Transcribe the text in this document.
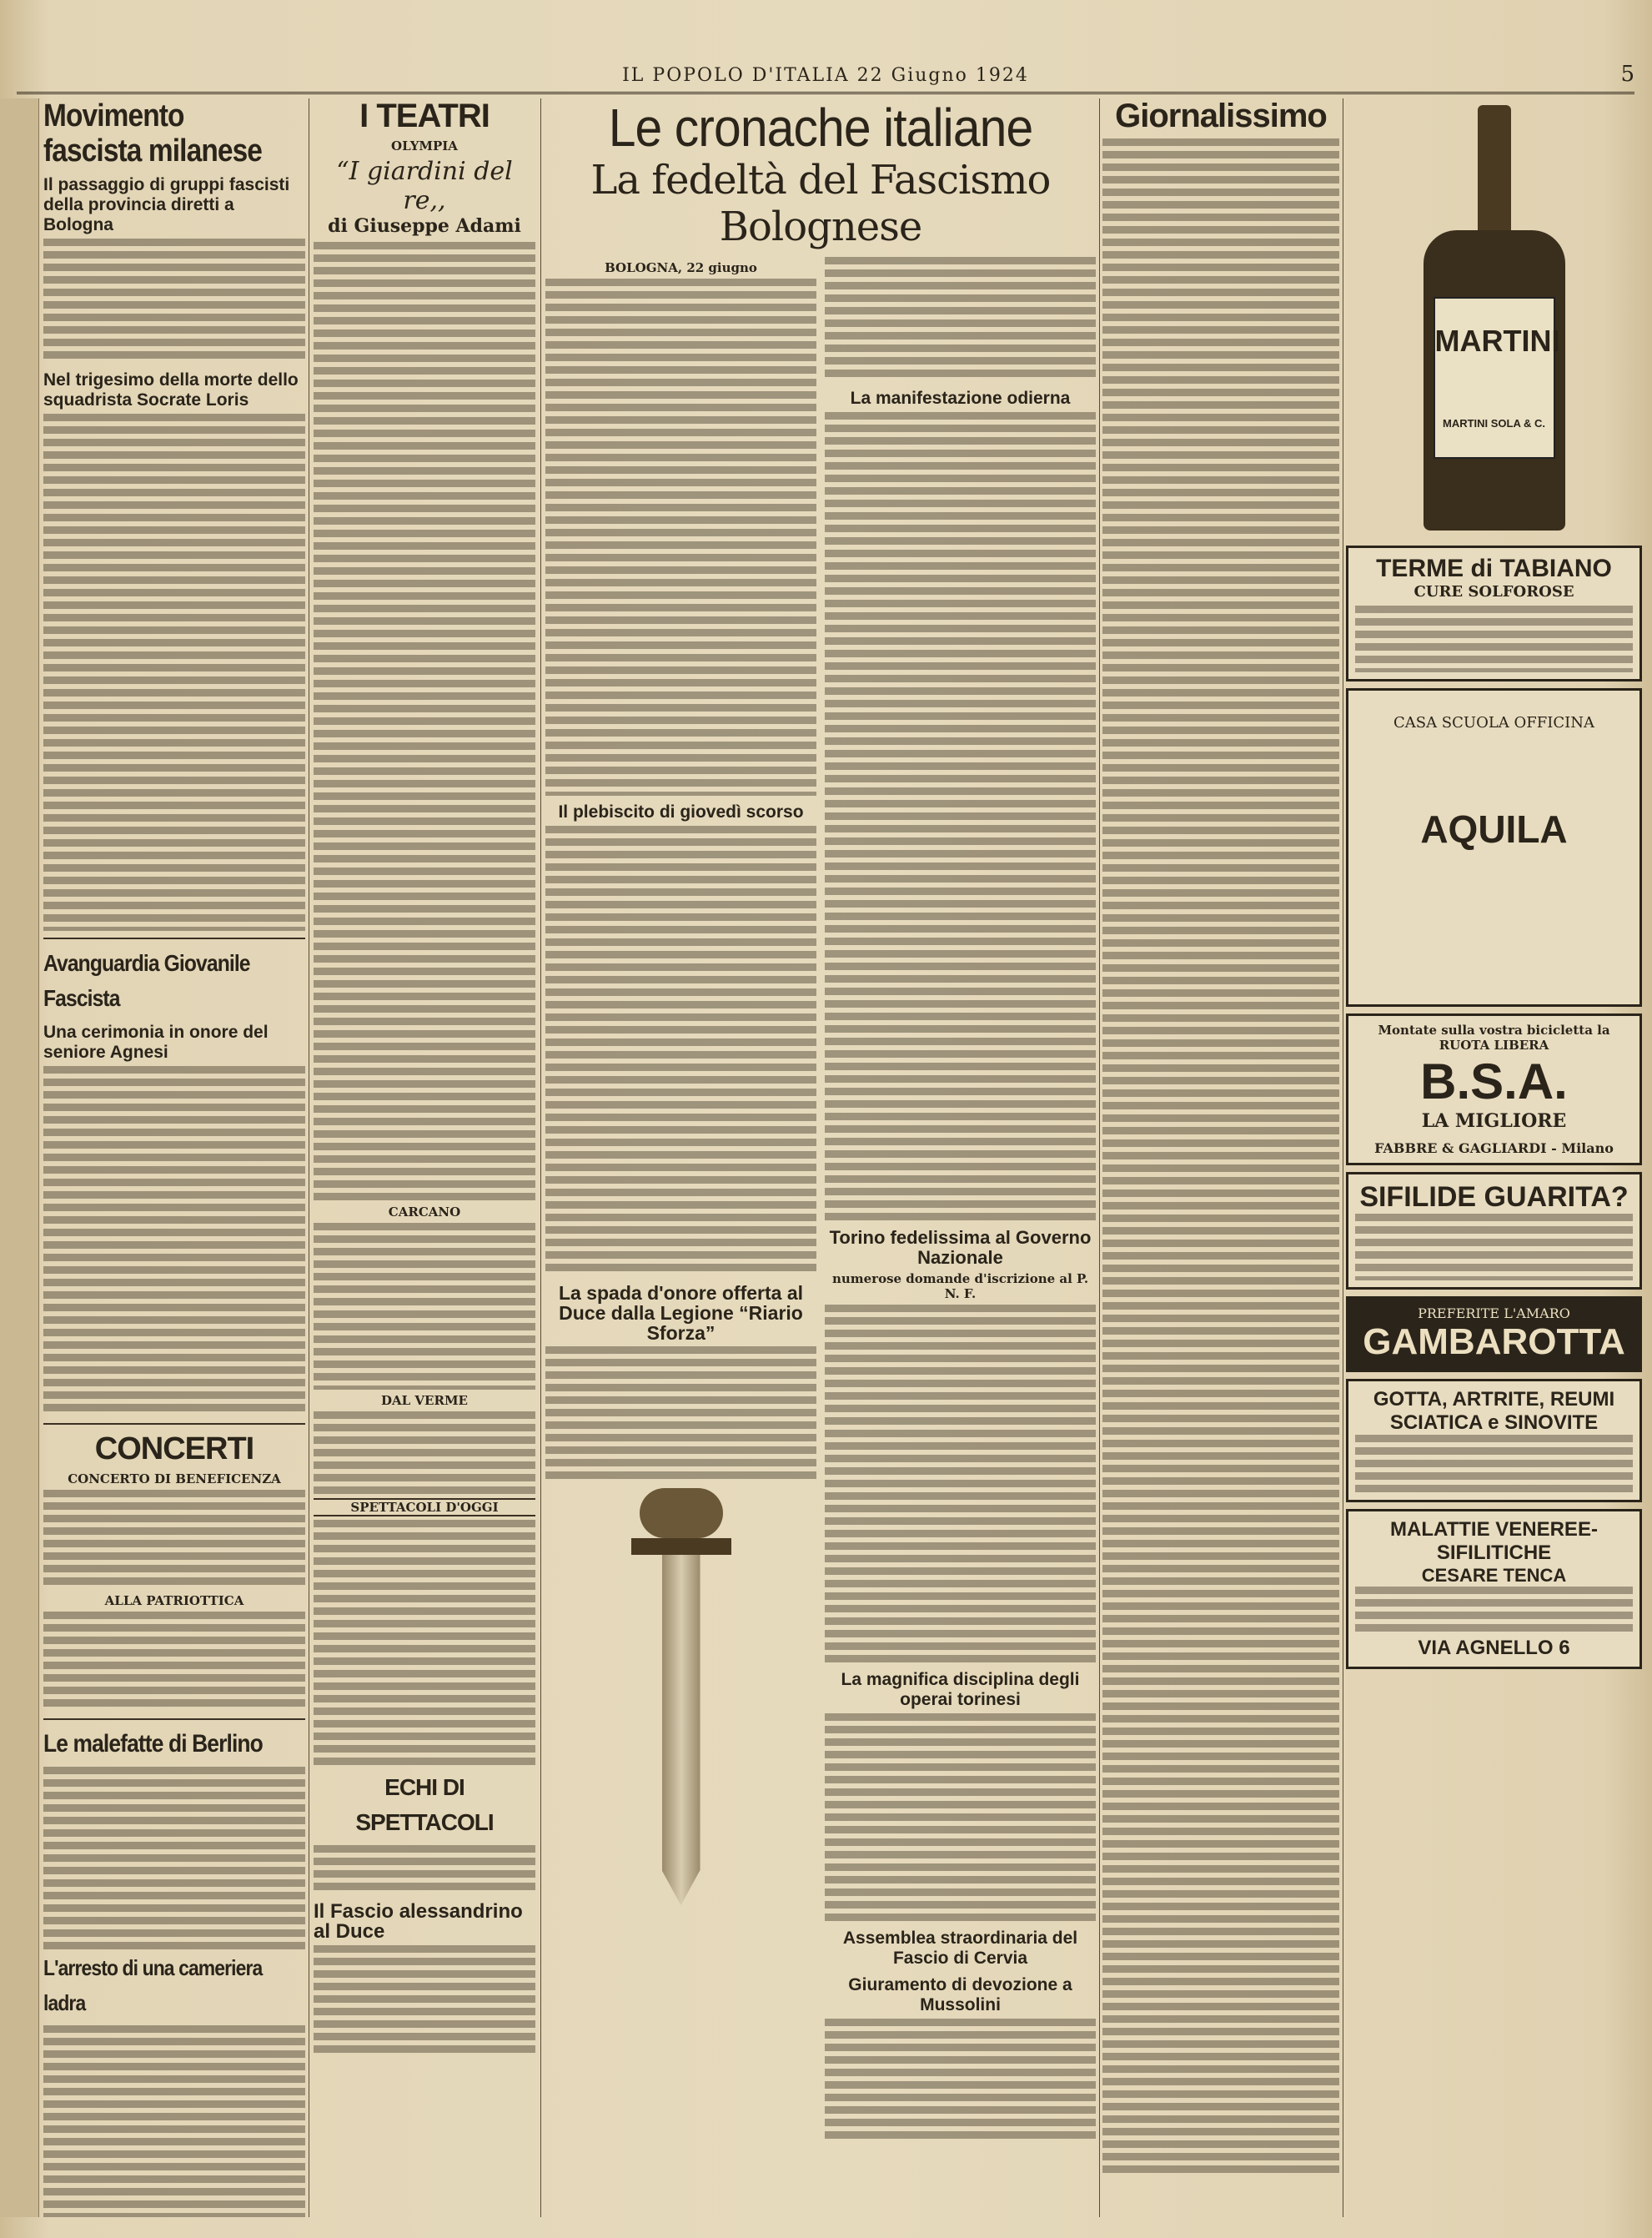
IL POPOLO D'ITALIA 22 Giugno 1924	5
Movimento fascista milanese
Il passaggio di gruppi fascisti della provincia diretti a Bologna
Nel trigesimo della morte dello squadrista Socrate Loris
Avanguardia Giovanile Fascista
Una cerimonia in onore del seniore Agnesi
CONCERTI
CONCERTO DI BENEFICENZA
ALLA PATRIOTTICA
Le malefatte di Berlino
L'arresto di una cameriera ladra
I TEATRI
OLYMPIA
“I giardini del re,,
di Giuseppe Adami
CARCANO
DAL VERME
SPETTACOLI D'OGGI
ECHI DI SPETTACOLI
Il Fascio alessandrino al Duce
Le cronache italiane
La fedeltà del Fascismo Bolognese
BOLOGNA, 22 giugno
Il plebiscito di giovedì scorso
La spada d'onore offerta al Duce dalla Legione “Riario Sforza”
La manifestazione odierna
Torino fedelissima al Governo Nazionale
numerose domande d'iscrizione al P. N. F.
La magnifica disciplina degli operai torinesi
Assemblea straordinaria del Fascio di Cervia
Giuramento di devozione a Mussolini
Giornalissimo
MARTINI
MARTINI SOLA & C.
TERME di TABIANO
CURE SOLFOROSE
CASA SCUOLA OFFICINA
AQUILA
Montate sulla vostra bicicletta la RUOTA LIBERA
B.S.A.
LA MIGLIORE
FABBRE & GAGLIARDI - Milano
SIFILIDE GUARITA?
PREFERITE L'AMARO
GAMBAROTTA
GOTTA, ARTRITE, REUMI SCIATICA e SINOVITE
MALATTIE VENEREE-SIFILITICHE
CESARE TENCA
VIA AGNELLO 6
